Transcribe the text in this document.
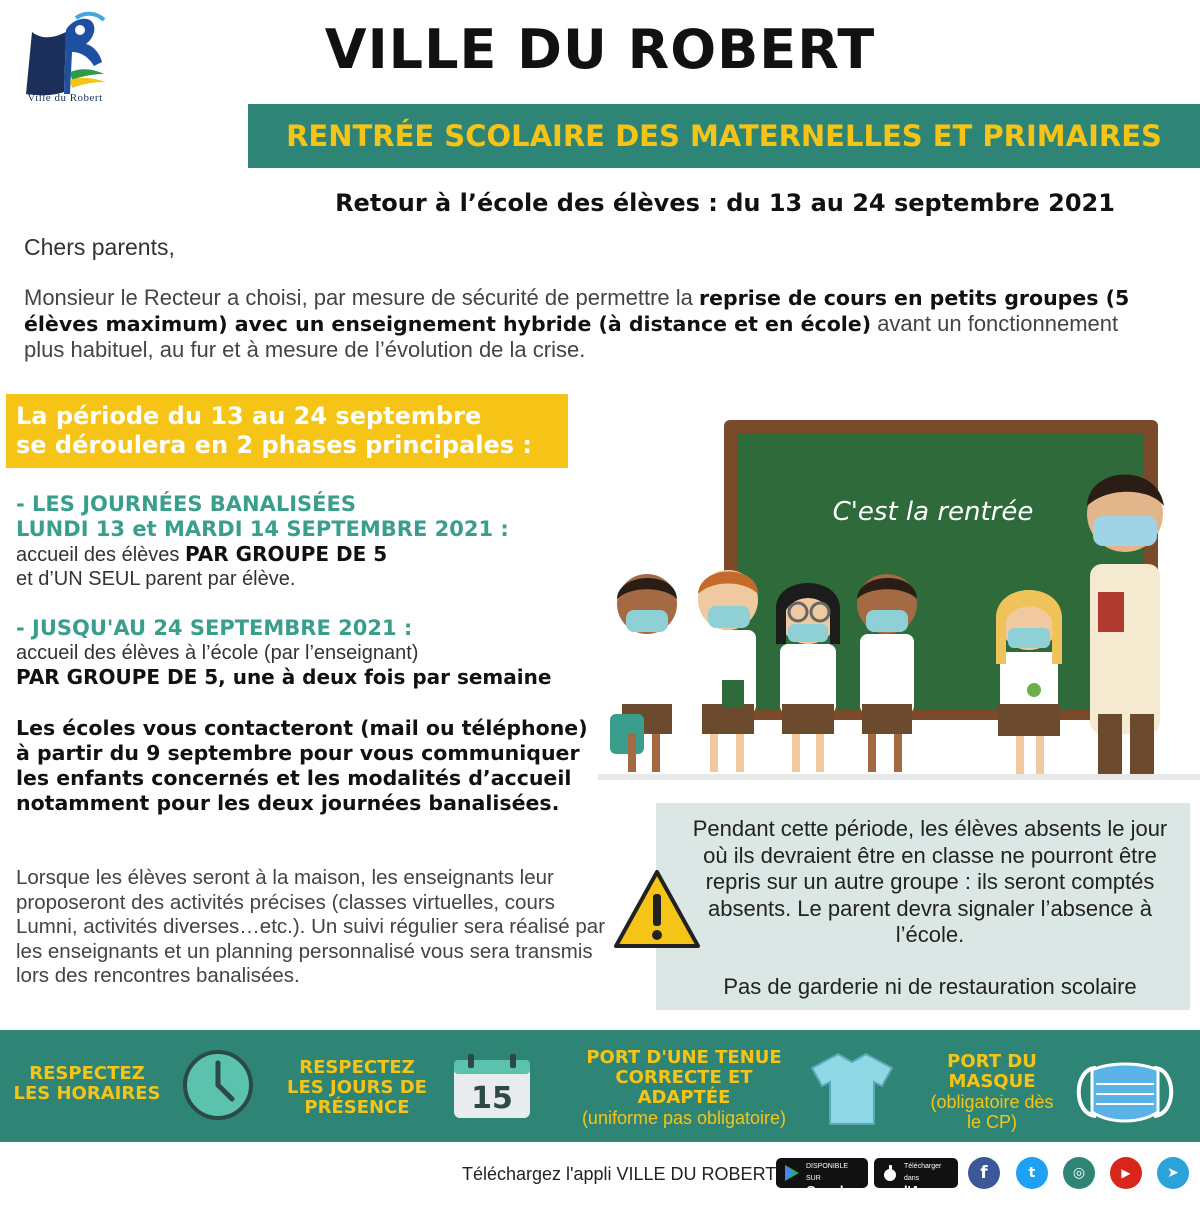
Ville du Robert
VILLE DU ROBERT
RENTRÉE SCOLAIRE DES MATERNELLES ET PRIMAIRES
Retour à l’école des élèves : du 13 au 24 septembre 2021
Chers parents,
Monsieur le Recteur a choisi, par mesure de sécurité de permettre la reprise de cours en petits groupes (5 élèves maximum) avec un enseignement hybride (à distance et en école) avant un fonctionnement plus habituel, au fur et à mesure de l’évolution de la crise.
La période du 13 au 24 septembre
se déroulera en 2 phases principales :
- LES JOURNÉES BANALISÉES
LUNDI 13 et MARDI 14 SEPTEMBRE 2021 :
accueil des élèves PAR GROUPE DE 5
et d’UN SEUL parent par élève.
- JUSQU'AU 24 SEPTEMBRE 2021 :
accueil des élèves à l’école (par l’enseignant)
PAR GROUPE DE 5, une à deux fois par semaine
Les écoles vous contacteront (mail ou téléphone) à partir du 9 septembre pour vous communiquer les enfants concernés et les modalités d’accueil notamment pour les deux journées banalisées.
Lorsque les élèves seront à la maison, les enseignants leur proposeront des activités précises (classes virtuelles, cours Lumni, activités diverses…etc.). Un suivi régulier sera réalisé par les enseignants et un planning personnalisé vous sera transmis lors des rencontres banalisées.
C'est la rentrée
Pendant cette période, les élèves absents le jour où ils devraient être en classe ne pourront être repris sur un autre groupe : ils seront comptés absents. Le parent devra signaler l’absence à l’école.
Pas de garderie ni de restauration scolaire
RESPECTEZ LES HORAIRES
RESPECTEZ LES JOURS DE PRÉSENCE	15
PORT D'UNE TENUE CORRECTE ET ADAPTÉE
(uniforme pas obligatoire)
PORT DU MASQUE
(obligatoire dès le CP)
Téléchargez l'appli VILLE DU ROBERT	DISPONIBLE SUR
Google Play
Télécharger dans
l'App Store
f	t	◎	▶	➤
